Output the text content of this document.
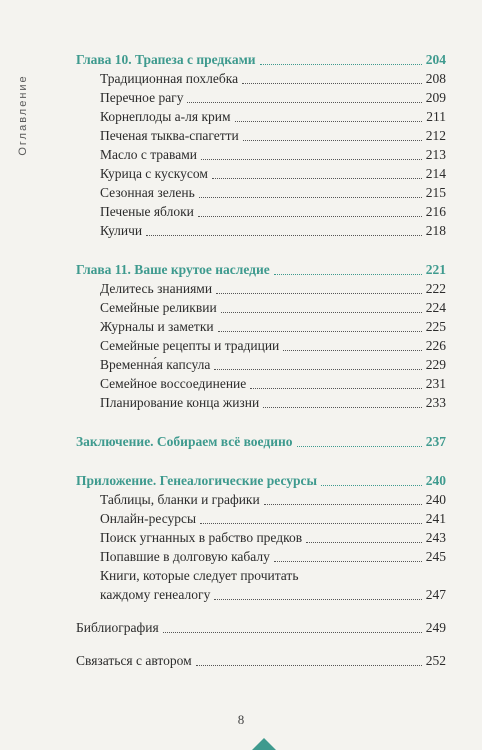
Оглавление
Глава 10. Трапеза с предками	204
Традиционная похлебка	208
Перечное рагу	209
Корнеплоды а-ля крим	211
Печеная тыква-спагетти	212
Масло с травами	213
Курица с кускусом	214
Сезонная зелень	215
Печеные яблоки	216
Куличи	218
Глава 11. Ваше крутое наследие	221
Делитесь знаниями	222
Семейные реликвии	224
Журналы и заметки	225
Семейные рецепты и традиции	226
Временна́я капсула	229
Семейное воссоединение	231
Планирование конца жизни	233
Заключение. Собираем всё воедино	237
Приложение. Генеалогические ресурсы	240
Таблицы, бланки и графики	240
Онлайн-ресурсы	241
Поиск угнанных в рабство предков	243
Попавшие в долговую кабалу	245
Книги, которые следует прочитать
каждому генеалогу	247
Библиография	249
Связаться с автором	252
8
